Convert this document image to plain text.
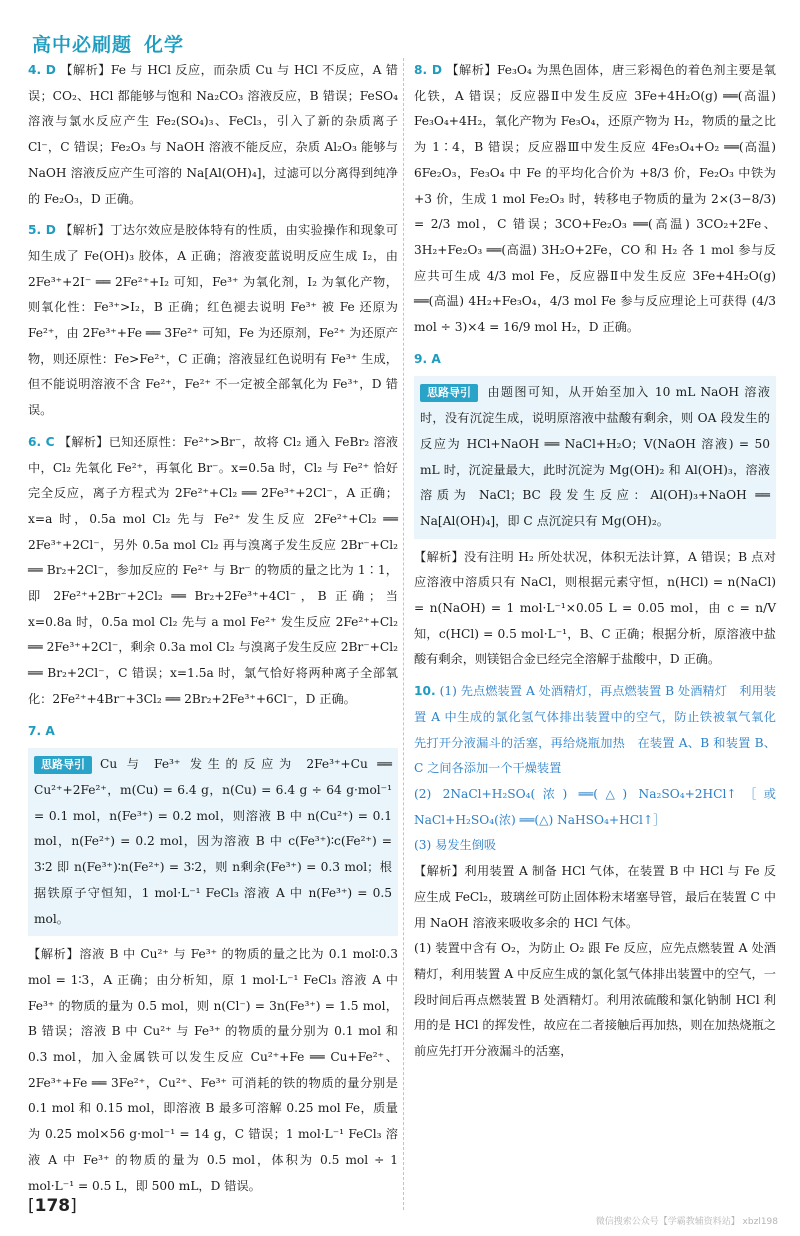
高中必刷题 化学

4. D 【解析】Fe 与 HCl 反应，而杂质 Cu 与 HCl 不反应，A 错误；CO₂、HCl 都能够与饱和 Na₂CO₃ 溶液反应，B 错误；FeSO₄ 溶液与氯水反应产生 Fe₂(SO₄)₃、FeCl₃，引入了新的杂质离子 Cl⁻，C 错误；Fe₂O₃ 与 NaOH 溶液不能反应，杂质 Al₂O₃ 能够与 NaOH 溶液反应产生可溶的 Na[Al(OH)₄]，过滤可以分离得到纯净的 Fe₂O₃，D 正确。

5. D 【解析】丁达尔效应是胶体特有的性质，由实验操作和现象可知生成了 Fe(OH)₃ 胶体，A 正确；溶液変蓝说明反应生成 I₂，由 2Fe³⁺+2I⁻ ══ 2Fe²⁺+I₂ 可知，Fe³⁺ 为氧化剂，I₂ 为氧化产物，则氧化性：Fe³⁺>I₂，B 正确；红色褪去说明 Fe³⁺ 被 Fe 还原为 Fe²⁺，由 2Fe³⁺+Fe ══ 3Fe²⁺ 可知，Fe 为还原剂，Fe²⁺ 为还原产物，则还原性：Fe>Fe²⁺，C 正确；溶液显红色说明有 Fe³⁺ 生成，但不能说明溶液不含 Fe²⁺，Fe²⁺ 不一定被全部氧化为 Fe³⁺，D 错误。

6. C 【解析】已知还原性：Fe²⁺>Br⁻，故将 Cl₂ 通入 FeBr₂ 溶液中，Cl₂ 先氧化 Fe²⁺，再氧化 Br⁻。x=0.5a 时，Cl₂ 与 Fe²⁺ 恰好完全反应，离子方程式为 2Fe²⁺+Cl₂ ══ 2Fe³⁺+2Cl⁻，A 正确；x=a 时，0.5a mol Cl₂ 先与 Fe²⁺ 发生反应 2Fe²⁺+Cl₂ ══ 2Fe³⁺+2Cl⁻，另外 0.5a mol Cl₂ 再与溴离子发生反应 2Br⁻+Cl₂ ══ Br₂+2Cl⁻，参加反应的 Fe²⁺ 与 Br⁻ 的物质的量之比为 1∶1，即 2Fe²⁺+2Br⁻+2Cl₂ ══ Br₂+2Fe³⁺+4Cl⁻，B 正确；当 x=0.8a 时，0.5a mol Cl₂ 先与 a mol Fe²⁺ 发生反应 2Fe²⁺+Cl₂ ══ 2Fe³⁺+2Cl⁻，剩余 0.3a mol Cl₂ 与溴离子发生反应 2Br⁻+Cl₂ ══ Br₂+2Cl⁻，C 错误；x=1.5a 时，氯气恰好将两种离子全部氧化：2Fe²⁺+4Br⁻+3Cl₂ ══ 2Br₂+2Fe³⁺+6Cl⁻，D 正确。

7. A

思路导引 Cu 与 Fe³⁺ 发生的反应为 2Fe³⁺+Cu ══ Cu²⁺+2Fe²⁺，m(Cu) = 6.4 g，n(Cu) = 6.4 g ÷ 64 g·mol⁻¹ = 0.1 mol，n(Fe³⁺) = 0.2 mol，则溶液 B 中 n(Cu²⁺) = 0.1 mol，n(Fe²⁺) = 0.2 mol，因为溶液 B 中 c(Fe³⁺)∶c(Fe²⁺) = 3∶2 即 n(Fe³⁺)∶n(Fe²⁺) = 3∶2，则 n剩余(Fe³⁺) = 0.3 mol；根据铁原子守恒知，1 mol·L⁻¹ FeCl₃ 溶液 A 中 n(Fe³⁺) = 0.5 mol。

【解析】溶液 B 中 Cu²⁺ 与 Fe³⁺ 的物质的量之比为 0.1 mol∶0.3 mol = 1∶3，A 正确；由分析知，原 1 mol·L⁻¹ FeCl₃ 溶液 A 中 Fe³⁺ 的物质的量为 0.5 mol，则 n(Cl⁻) = 3n(Fe³⁺) = 1.5 mol，B 错误；溶液 B 中 Cu²⁺ 与 Fe³⁺ 的物质的量分别为 0.1 mol 和 0.3 mol，加入金属铁可以发生反应 Cu²⁺+Fe ══ Cu+Fe²⁺、2Fe³⁺+Fe ══ 3Fe²⁺，Cu²⁺、Fe³⁺ 可消耗的铁的物质的量分别是 0.1 mol 和 0.15 mol，即溶液 B 最多可溶解 0.25 mol Fe，质量为 0.25 mol×56 g·mol⁻¹ = 14 g，C 错误；1 mol·L⁻¹ FeCl₃ 溶液 A 中 Fe³⁺ 的物质的量为 0.5 mol，体积为 0.5 mol ÷ 1 mol·L⁻¹ = 0.5 L，即 500 mL，D 错误。

8. D 【解析】Fe₃O₄ 为黑色固体，唐三彩褐色的着色剂主要是氧化铁，A 错误；反应器Ⅱ中发生反应 3Fe+4H₂O(g) ══(高温) Fe₃O₄+4H₂，氧化产物为 Fe₃O₄，还原产物为 H₂，物质的量之比为 1∶4，B 错误；反应器Ⅲ中发生反应 4Fe₃O₄+O₂ ══(高温) 6Fe₂O₃，Fe₃O₄ 中 Fe 的平均化合价为 +8/3 价，Fe₂O₃ 中铁为 +3 价，生成 1 mol Fe₂O₃ 时，转移电子物质的量为 2×(3−8/3) = 2/3 mol，C 错误；3CO+Fe₂O₃ ══(高温) 3CO₂+2Fe、3H₂+Fe₂O₃ ══(高温) 3H₂O+2Fe，CO 和 H₂ 各 1 mol 参与反应共可生成 4/3 mol Fe，反应器Ⅱ中发生反应 3Fe+4H₂O(g) ══(高温) 4H₂+Fe₃O₄，4/3 mol Fe 参与反应理论上可获得 (4/3 mol ÷ 3)×4 = 16/9 mol H₂，D 正确。

9. A

思路导引 由题图可知，从开始至加入 10 mL NaOH 溶液时，没有沉淀生成，说明原溶液中盐酸有剩余，则 OA 段发生的反应为 HCl+NaOH ══ NaCl+H₂O；V(NaOH 溶液) = 50 mL 时，沉淀量最大，此时沉淀为 Mg(OH)₂ 和 Al(OH)₃，溶液溶质为 NaCl；BC 段发生反应：Al(OH)₃+NaOH ══ Na[Al(OH)₄]，即 C 点沉淀只有 Mg(OH)₂。

【解析】没有注明 H₂ 所处状况，体积无法计算，A 错误；B 点对应溶液中溶质只有 NaCl，则根据元素守恒，n(HCl) = n(NaCl) = n(NaOH) = 1 mol·L⁻¹×0.05 L = 0.05 mol，由 c = n/V 知，c(HCl) = 0.5 mol·L⁻¹，B、C 正确；根据分析，原溶液中盐酸有剩余，则镁铝合金已经完全溶解于盐酸中，D 正确。

10. (1) 先点燃装置 A 处酒精灯，再点燃装置 B 处酒精灯　利用装置 A 中生成的氯化氢气体排出装置中的空气，防止铁被氧气氧化　先打开分液漏斗的活塞，再给烧瓶加热　在装置 A、B 和装置 B、C 之间各添加一个干燥装置

(2) 2NaCl+H₂SO₄(浓) ══(△) Na₂SO₄+2HCl↑［或 NaCl+H₂SO₄(浓) ══(△) NaHSO₄+HCl↑］

(3) 易发生倒吸

【解析】利用装置 A 制备 HCl 气体，在装置 B 中 HCl 与 Fe 反应生成 FeCl₂，玻璃丝可防止固体粉末堵塞导管，最后在装置 C 中用 NaOH 溶液来吸收多余的 HCl 气体。

(1) 装置中含有 O₂，为防止 O₂ 跟 Fe 反应，应先点燃装置 A 处酒精灯，利用装置 A 中反应生成的氯化氢气体排出装置中的空气，一段时间后再点燃装置 B 处酒精灯。利用浓硫酸和氯化钠制 HCl 利用的是 HCl 的挥发性，故应在二者接触后再加热，则在加热烧瓶之前应先打开分液漏斗的活塞，

[178]
微信搜索公众号【学霸教辅资料站】 xbzl198
